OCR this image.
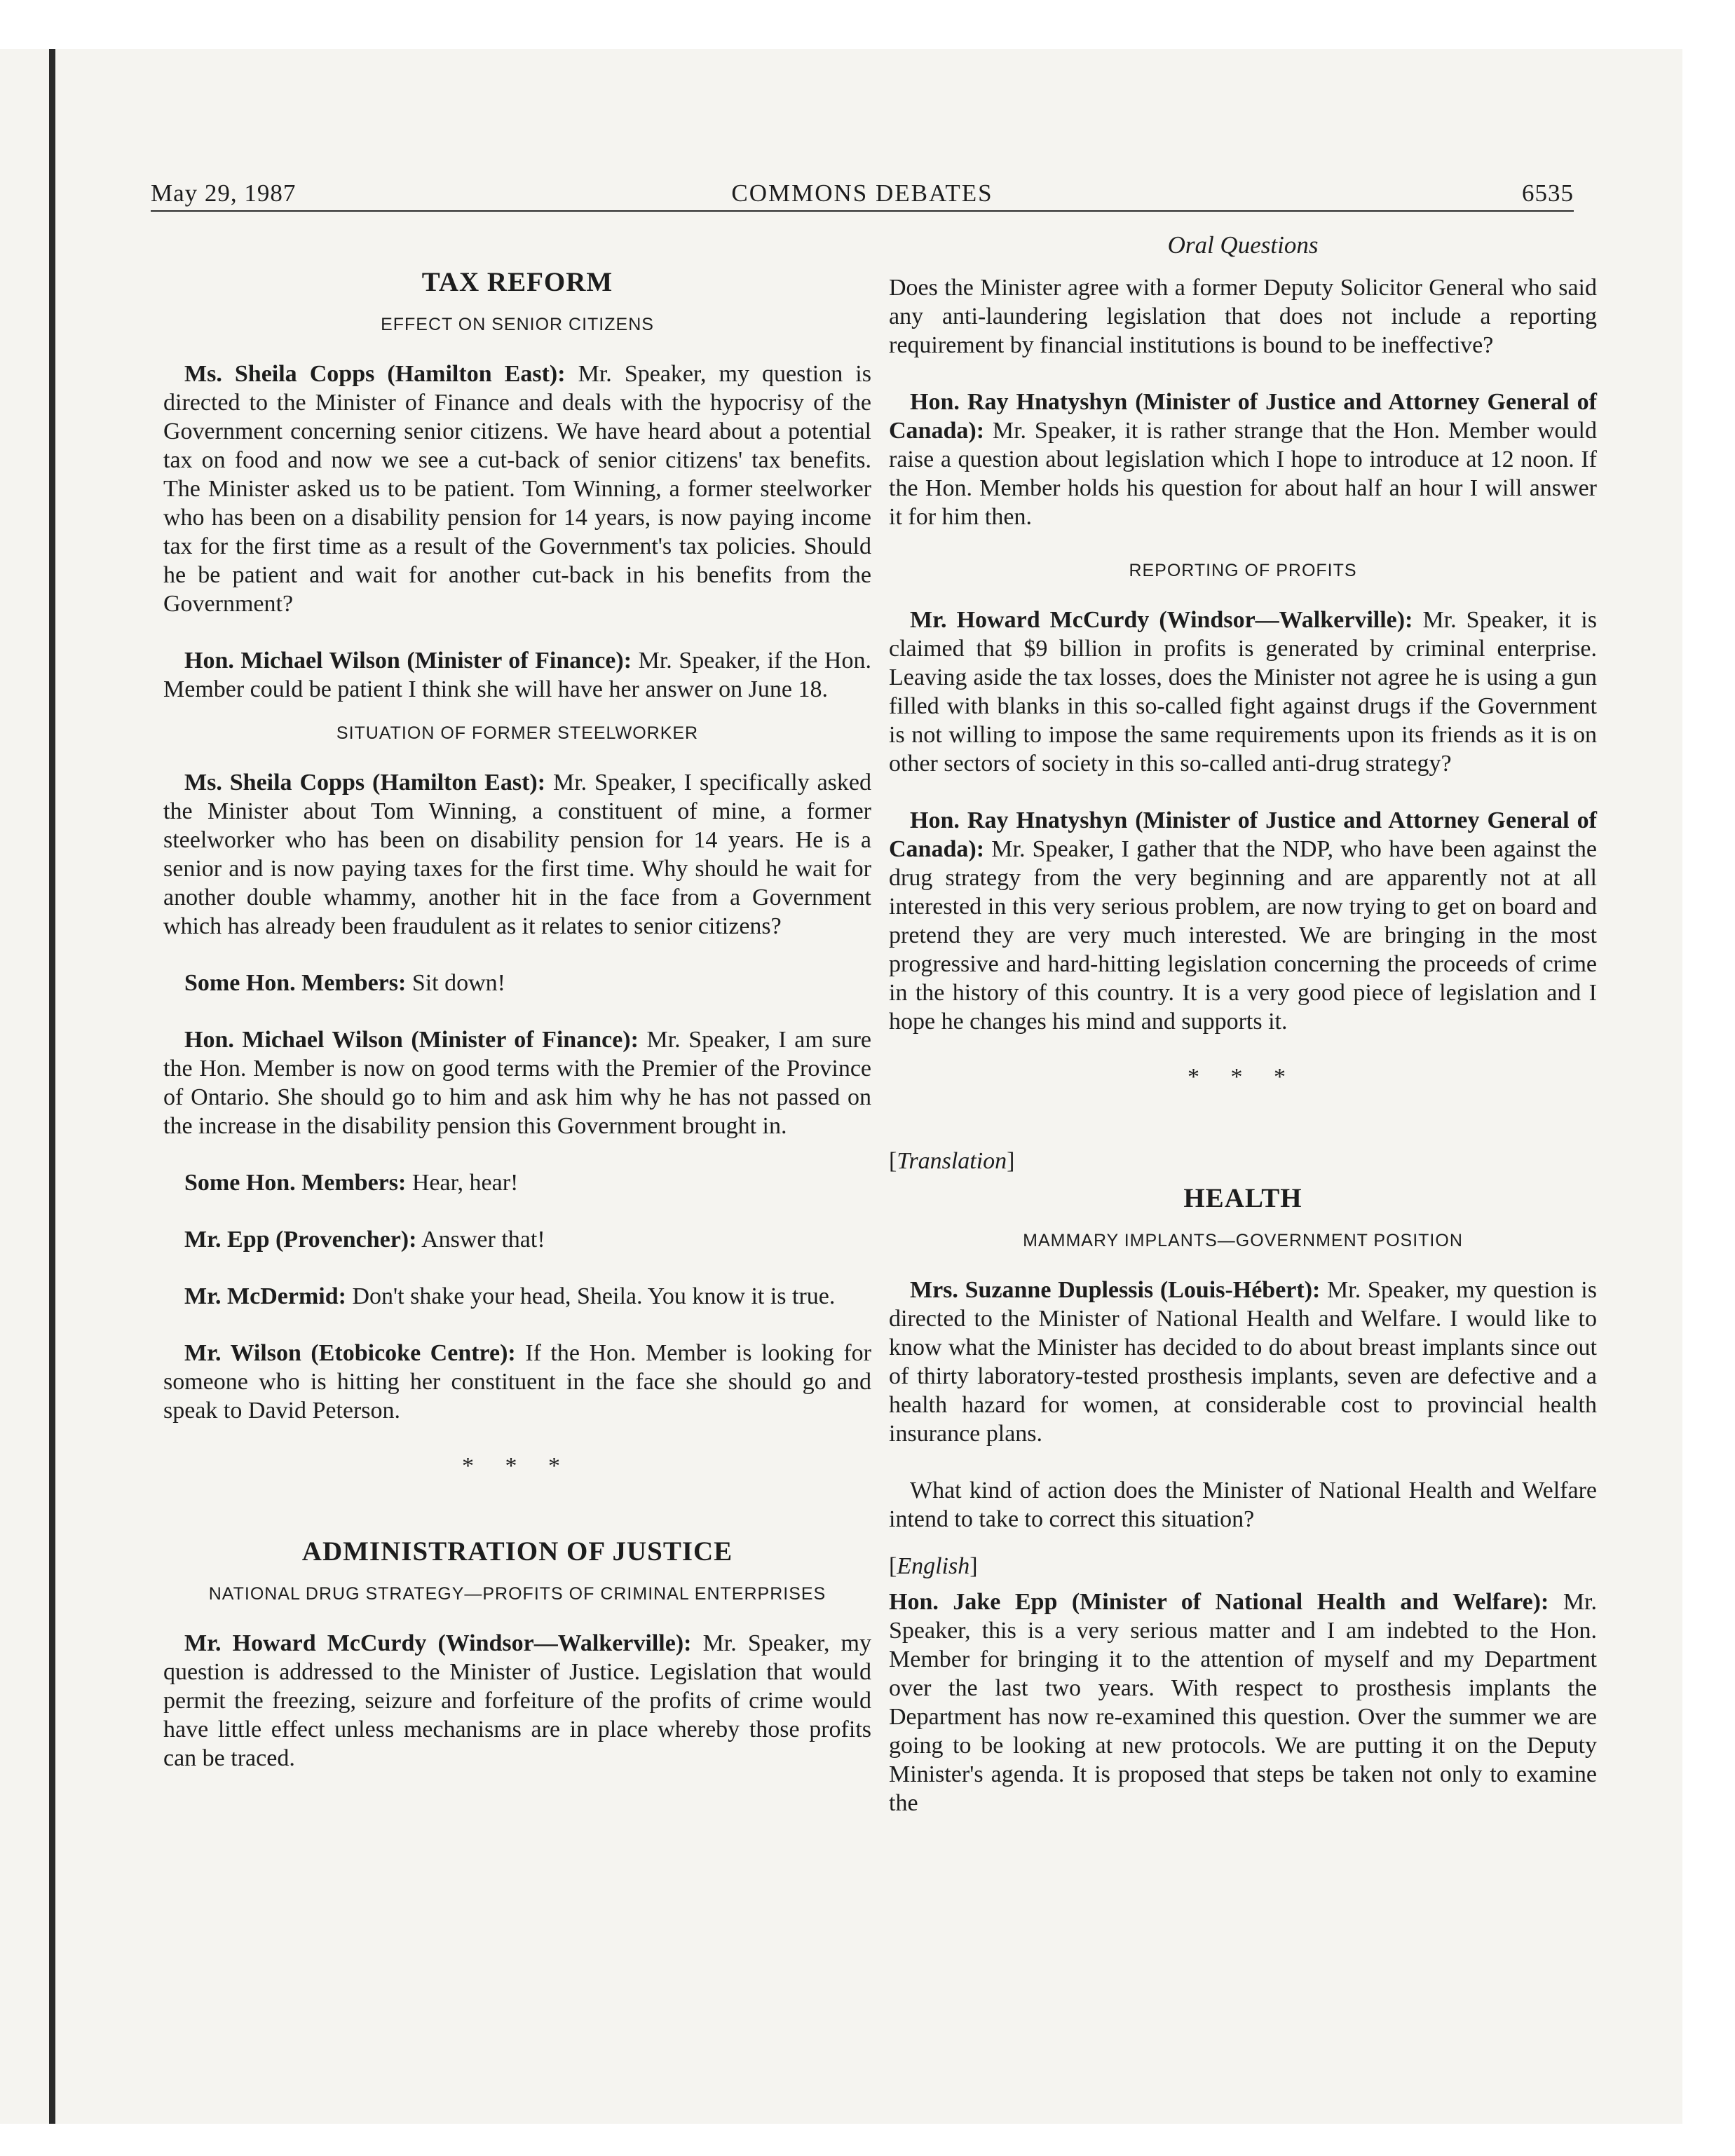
May 29, 1987	COMMONS DEBATES	6535
TAX REFORM
EFFECT ON SENIOR CITIZENS

Ms. Sheila Copps (Hamilton East): Mr. Speaker, my question is directed to the Minister of Finance and deals with the hypocrisy of the Government concerning senior citizens. We have heard about a potential tax on food and now we see a cut-back of senior citizens' tax benefits. The Minister asked us to be patient. Tom Winning, a former steelworker who has been on a disability pension for 14 years, is now paying income tax for the first time as a result of the Government's tax policies. Should he be patient and wait for another cut-back in his benefits from the Government?

Hon. Michael Wilson (Minister of Finance): Mr. Speaker, if the Hon. Member could be patient I think she will have her answer on June 18.

SITUATION OF FORMER STEELWORKER

Ms. Sheila Copps (Hamilton East): Mr. Speaker, I specifically asked the Minister about Tom Winning, a constituent of mine, a former steelworker who has been on disability pension for 14 years. He is a senior and is now paying taxes for the first time. Why should he wait for another double whammy, another hit in the face from a Government which has already been fraudulent as it relates to senior citizens?

Some Hon. Members: Sit down!

Hon. Michael Wilson (Minister of Finance): Mr. Speaker, I am sure the Hon. Member is now on good terms with the Premier of the Province of Ontario. She should go to him and ask him why he has not passed on the increase in the disability pension this Government brought in.

Some Hon. Members: Hear, hear!

Mr. Epp (Provencher): Answer that!

Mr. McDermid: Don't shake your head, Sheila. You know it is true.

Mr. Wilson (Etobicoke Centre): If the Hon. Member is looking for someone who is hitting her constituent in the face she should go and speak to David Peterson.

* * *
ADMINISTRATION OF JUSTICE
NATIONAL DRUG STRATEGY—PROFITS OF CRIMINAL ENTERPRISES

Mr. Howard McCurdy (Windsor—Walkerville): Mr. Speaker, my question is addressed to the Minister of Justice. Legislation that would permit the freezing, seizure and forfeiture of the profits of crime would have little effect unless mechanisms are in place whereby those profits can be traced.

Oral Questions

Does the Minister agree with a former Deputy Solicitor General who said any anti-laundering legislation that does not include a reporting requirement by financial institutions is bound to be ineffective?

Hon. Ray Hnatyshyn (Minister of Justice and Attorney General of Canada): Mr. Speaker, it is rather strange that the Hon. Member would raise a question about legislation which I hope to introduce at 12 noon. If the Hon. Member holds his question for about half an hour I will answer it for him then.

REPORTING OF PROFITS

Mr. Howard McCurdy (Windsor—Walkerville): Mr. Speaker, it is claimed that $9 billion in profits is generated by criminal enterprise. Leaving aside the tax losses, does the Minister not agree he is using a gun filled with blanks in this so-called fight against drugs if the Government is not willing to impose the same requirements upon its friends as it is on other sectors of society in this so-called anti-drug strategy?

Hon. Ray Hnatyshyn (Minister of Justice and Attorney General of Canada): Mr. Speaker, I gather that the NDP, who have been against the drug strategy from the very beginning and are apparently not at all interested in this very serious problem, are now trying to get on board and pretend they are very much interested. We are bringing in the most progressive and hard-hitting legislation concerning the proceeds of crime in the history of this country. It is a very good piece of legislation and I hope he changes his mind and supports it.

* * *
[Translation]
HEALTH
MAMMARY IMPLANTS—GOVERNMENT POSITION

Mrs. Suzanne Duplessis (Louis-Hébert): Mr. Speaker, my question is directed to the Minister of National Health and Welfare. I would like to know what the Minister has decided to do about breast implants since out of thirty laboratory-tested prosthesis implants, seven are defective and a health hazard for women, at considerable cost to provincial health insurance plans.

What kind of action does the Minister of National Health and Welfare intend to take to correct this situation?

[English]

Hon. Jake Epp (Minister of National Health and Welfare): Mr. Speaker, this is a very serious matter and I am indebted to the Hon. Member for bringing it to the attention of myself and my Department over the last two years. With respect to prosthesis implants the Department has now re-examined this question. Over the summer we are going to be looking at new protocols. We are putting it on the Deputy Minister's agenda. It is proposed that steps be taken not only to examine the
